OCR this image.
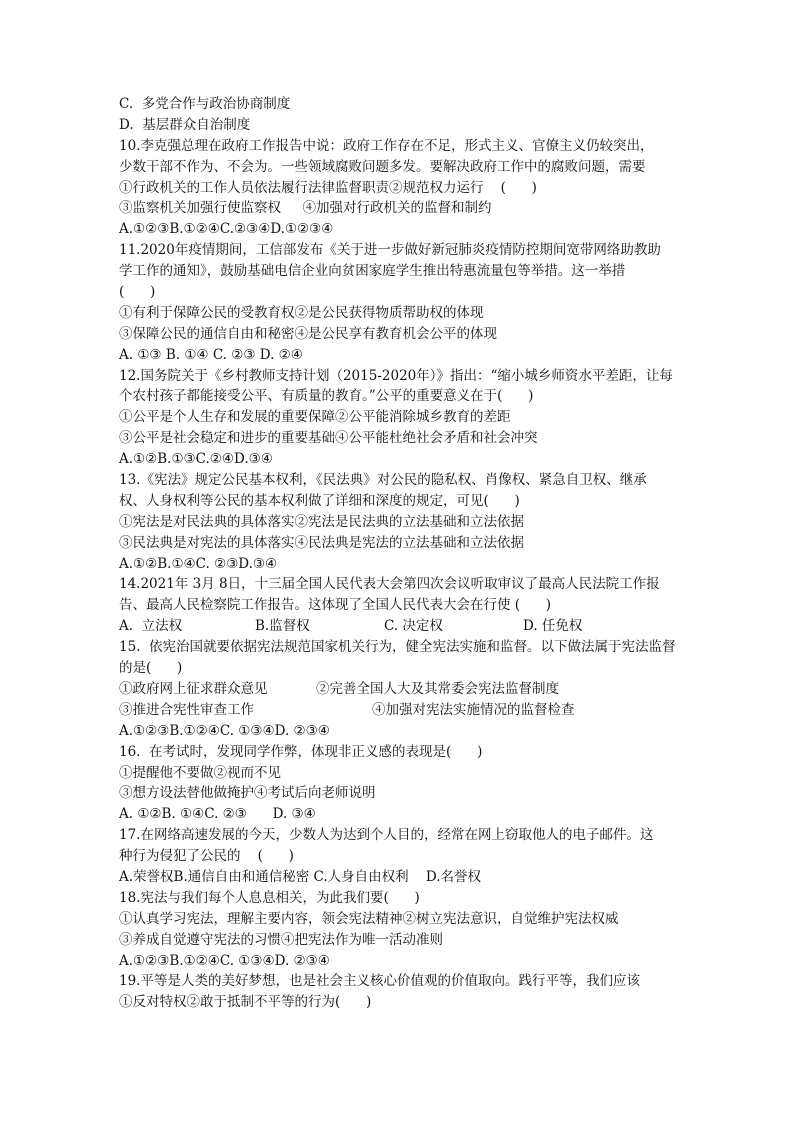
C.  多党合作与政治协商制度
D.  基层群众自治制度
10.李克强总理在政府工作报告中说：政府工作存在不足，形式主义、官僚主义仍较突出，
少数干部不作为、不会为。一些领域腐败问题多发。要解决政府工作中的腐败问题，需要
①行政机关的工作人员依法履行法律监督职责②规范权力运行    (      )
③监察机关加强行使监察权     ④加强对行政机关的监督和制约
A.①②③B.①②④C.②③④D.①②③④
11.2020年疫情期间，工信部发布《关于进一步做好新冠肺炎疫情防控期间宽带网络助教助
学工作的通知》，鼓励基础电信企业向贫困家庭学生推出特惠流量包等举措。这一举措
(      )
①有利于保障公民的受教育权②是公民获得物质帮助权的体现
③保障公民的通信自由和秘密④是公民享有教育机会公平的体现
A. ①③ B. ①④ C. ②③ D. ②④
12.国务院关于《乡村教师支持计划（2015-2020年）》指出：“缩小城乡师资水平差距，让每
个农村孩子都能接受公平、有质量的教育。”公平的重要意义在于(      )
①公平是个人生存和发展的重要保障②公平能消除城乡教育的差距
③公平是社会稳定和进步的重要基础④公平能杜绝社会矛盾和社会冲突
A.①②B.①③C.②④D.③④
13.《宪法》规定公民基本权利，《民法典》对公民的隐私权、肖像权、紧急自卫权、继承
权、人身权利等公民的基本权利做了详细和深度的规定，可见(      )
①宪法是对民法典的具体落实②宪法是民法典的立法基础和立法依据
③民法典是对宪法的具体落实④民法典是宪法的立法基础和立法依据
A.①②B.①④C. ②③D.③④
14.2021年 3月 8日，十三届全国人民代表大会第四次会议听取审议了最高人民法院工作报
告、最高人民检察院工作报告。这体现了全国人民代表大会在行使 (      )
A.  立法权	B.监督权	C. 决定权	D. 任免权
15.  依宪治国就要依据宪法规范国家机关行为，健全宪法实施和监督。以下做法属于宪法监督
的是(      )
①政府网上征求群众意见	②完善全国人大及其常委会宪法监督制度
③推进合宪性审查工作	④加强对宪法实施情况的监督检查
A.①②③B.①②④C. ①③④D. ②③④
16.  在考试时，发现同学作弊，体现非正义感的表现是(      )
①提醒他不要做②视而不见
③想方设法替他做掩护④考试后向老师说明
A. ①②B. ①④C. ②③      D. ③④
17.在网络高速发展的今天，少数人为达到个人目的，经常在网上窃取他人的电子邮件。这
种行为侵犯了公民的    (      )
A.荣誉权B.通信自由和通信秘密 C.人身自由权利    D.名誉权
18.宪法与我们每个人息息相关，为此我们要(      )
①认真学习宪法，理解主要内容，领会宪法精神②树立宪法意识，自觉维护宪法权威
③养成自觉遵守宪法的习惯④把宪法作为唯一活动准则
A.①②③B.①②④C. ①③④D. ②③④
19.平等是人类的美好梦想，也是社会主义核心价值观的价值取向。践行平等，我们应该
①反对特权②敢于抵制不平等的行为(      )
